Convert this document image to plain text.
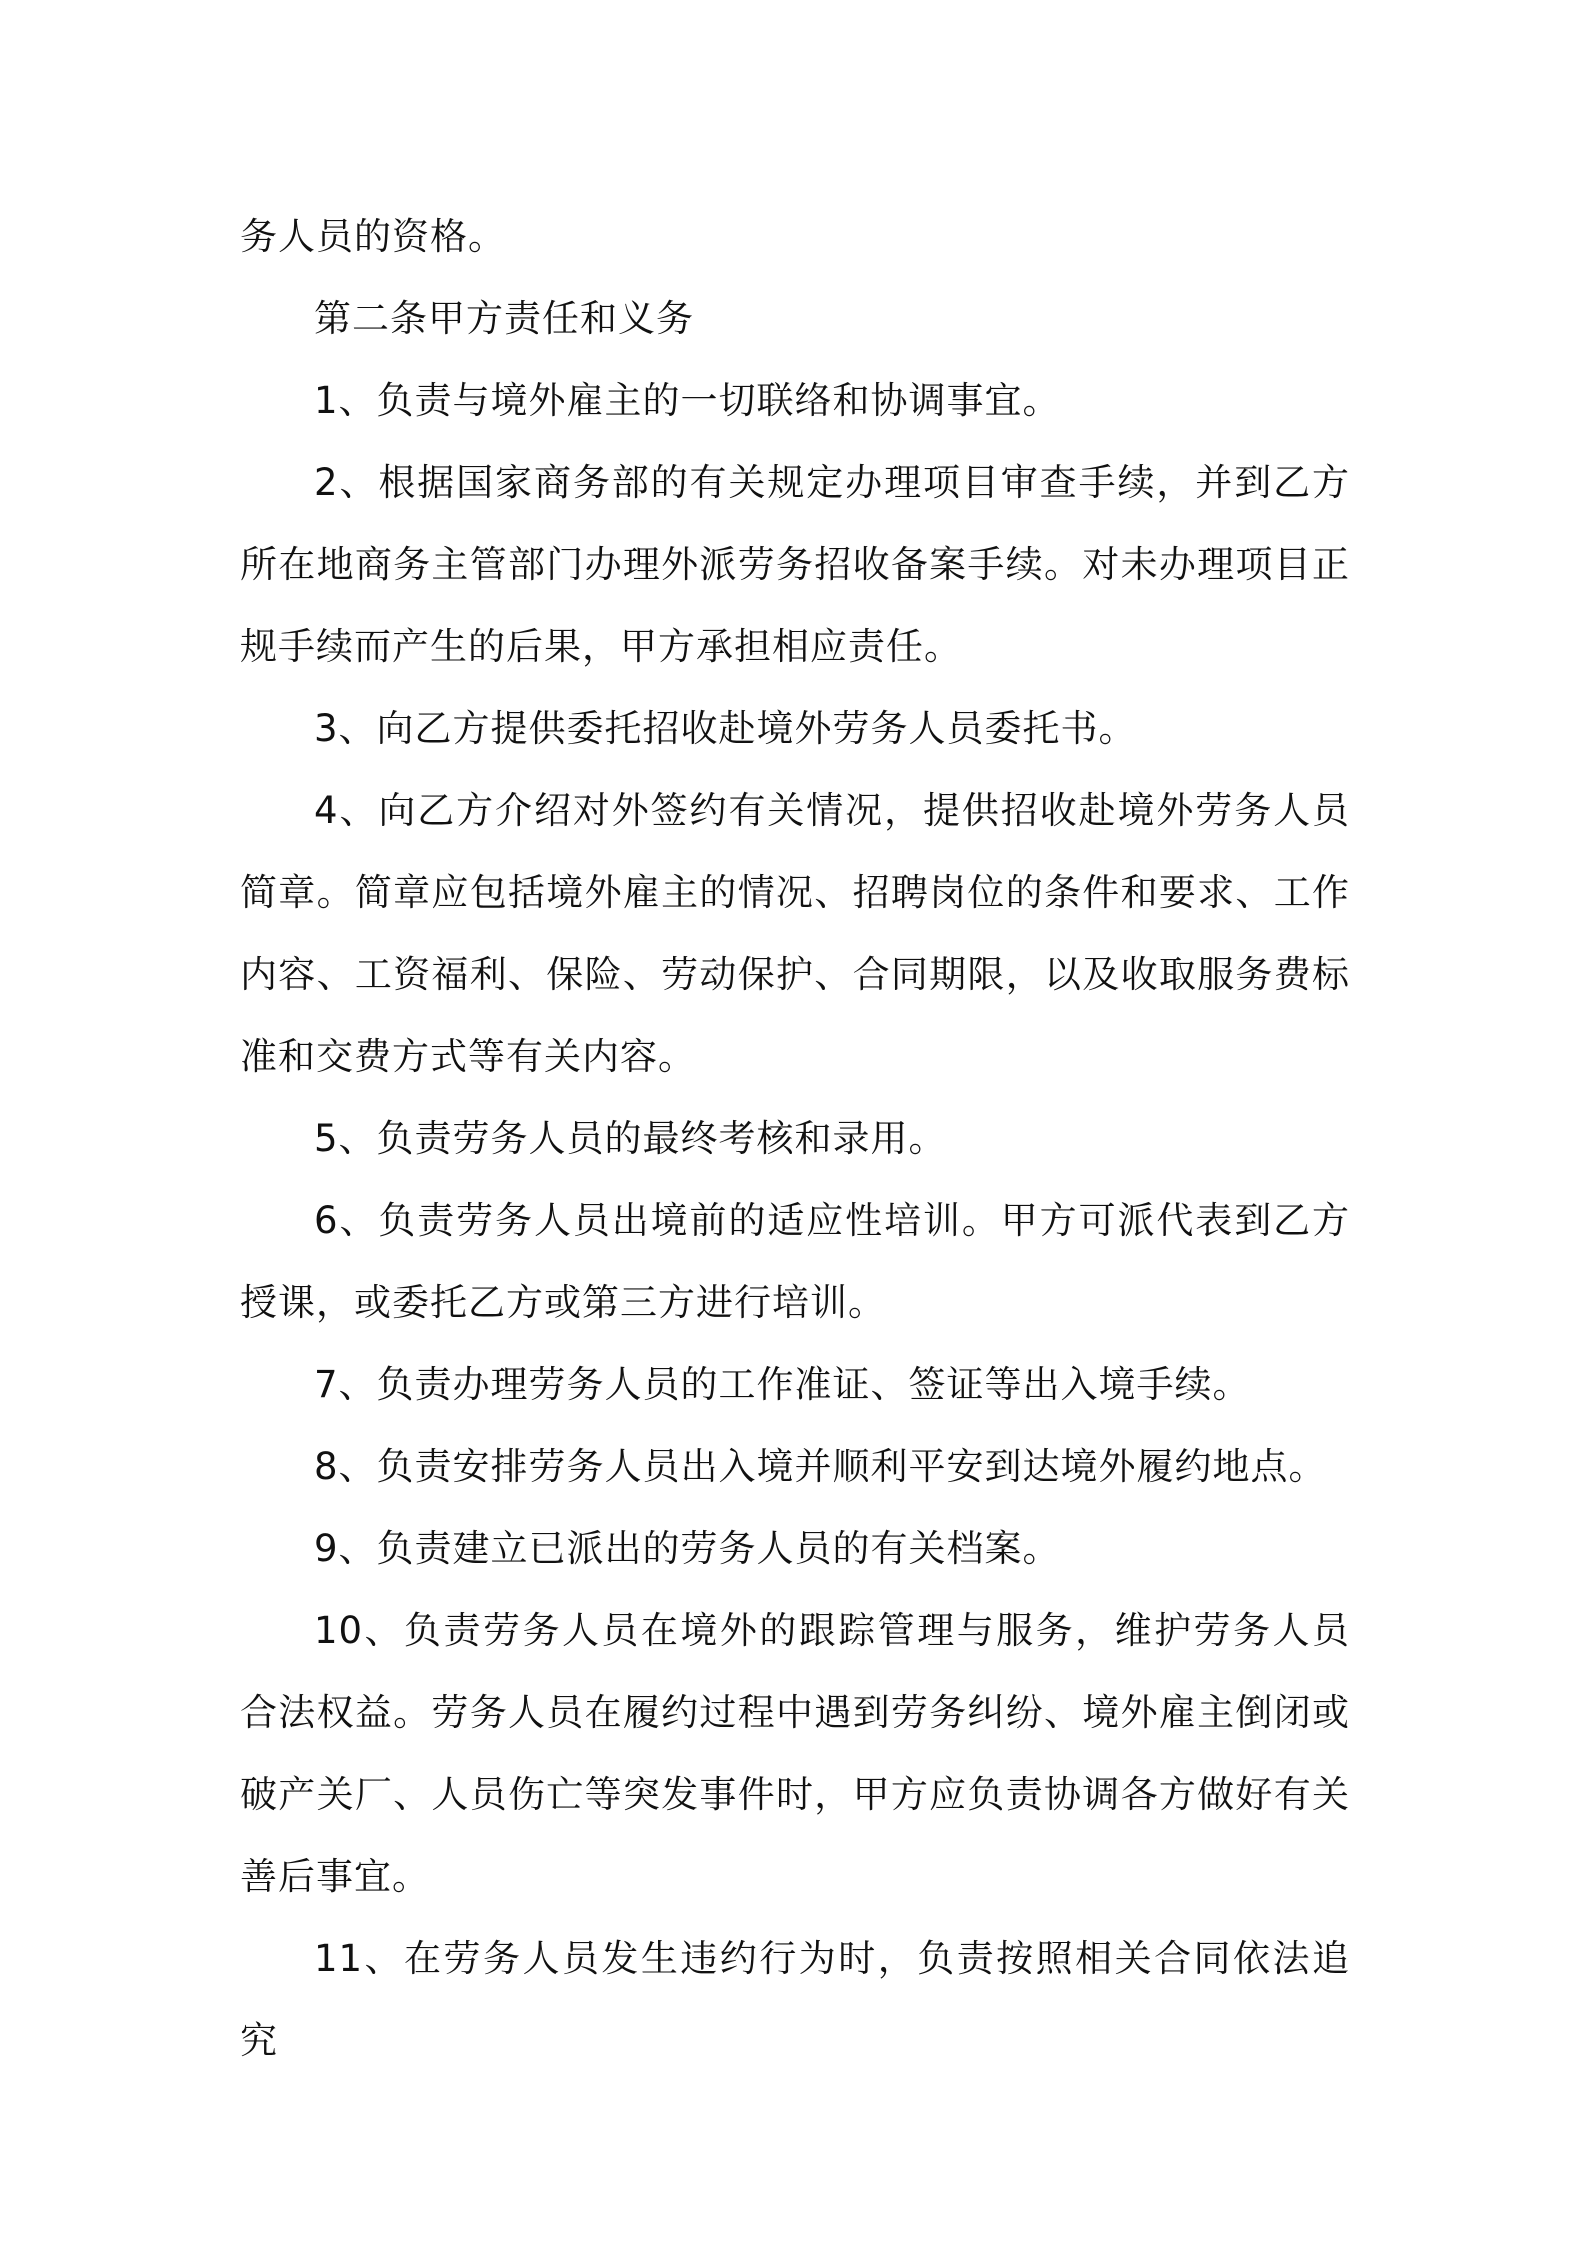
务人员的资格。

第二条甲方责任和义务

1、负责与境外雇主的一切联络和协调事宜。

2、根据国家商务部的有关规定办理项目审查手续，并到乙方所在地商务主管部门办理外派劳务招收备案手续。对未办理项目正规手续而产生的后果，甲方承担相应责任。

3、向乙方提供委托招收赴境外劳务人员委托书。

4、向乙方介绍对外签约有关情况，提供招收赴境外劳务人员简章。简章应包括境外雇主的情况、招聘岗位的条件和要求、工作内容、工资福利、保险、劳动保护、合同期限，以及收取服务费标准和交费方式等有关内容。

5、负责劳务人员的最终考核和录用。

6、负责劳务人员出境前的适应性培训。甲方可派代表到乙方授课，或委托乙方或第三方进行培训。

7、负责办理劳务人员的工作准证、签证等出入境手续。

8、负责安排劳务人员出入境并顺利平安到达境外履约地点。

9、负责建立已派出的劳务人员的有关档案。

10、负责劳务人员在境外的跟踪管理与服务，维护劳务人员合法权益。劳务人员在履约过程中遇到劳务纠纷、境外雇主倒闭或破产关厂、人员伤亡等突发事件时，甲方应负责协调各方做好有关善后事宜。

11、在劳务人员发生违约行为时，负责按照相关合同依法追究
